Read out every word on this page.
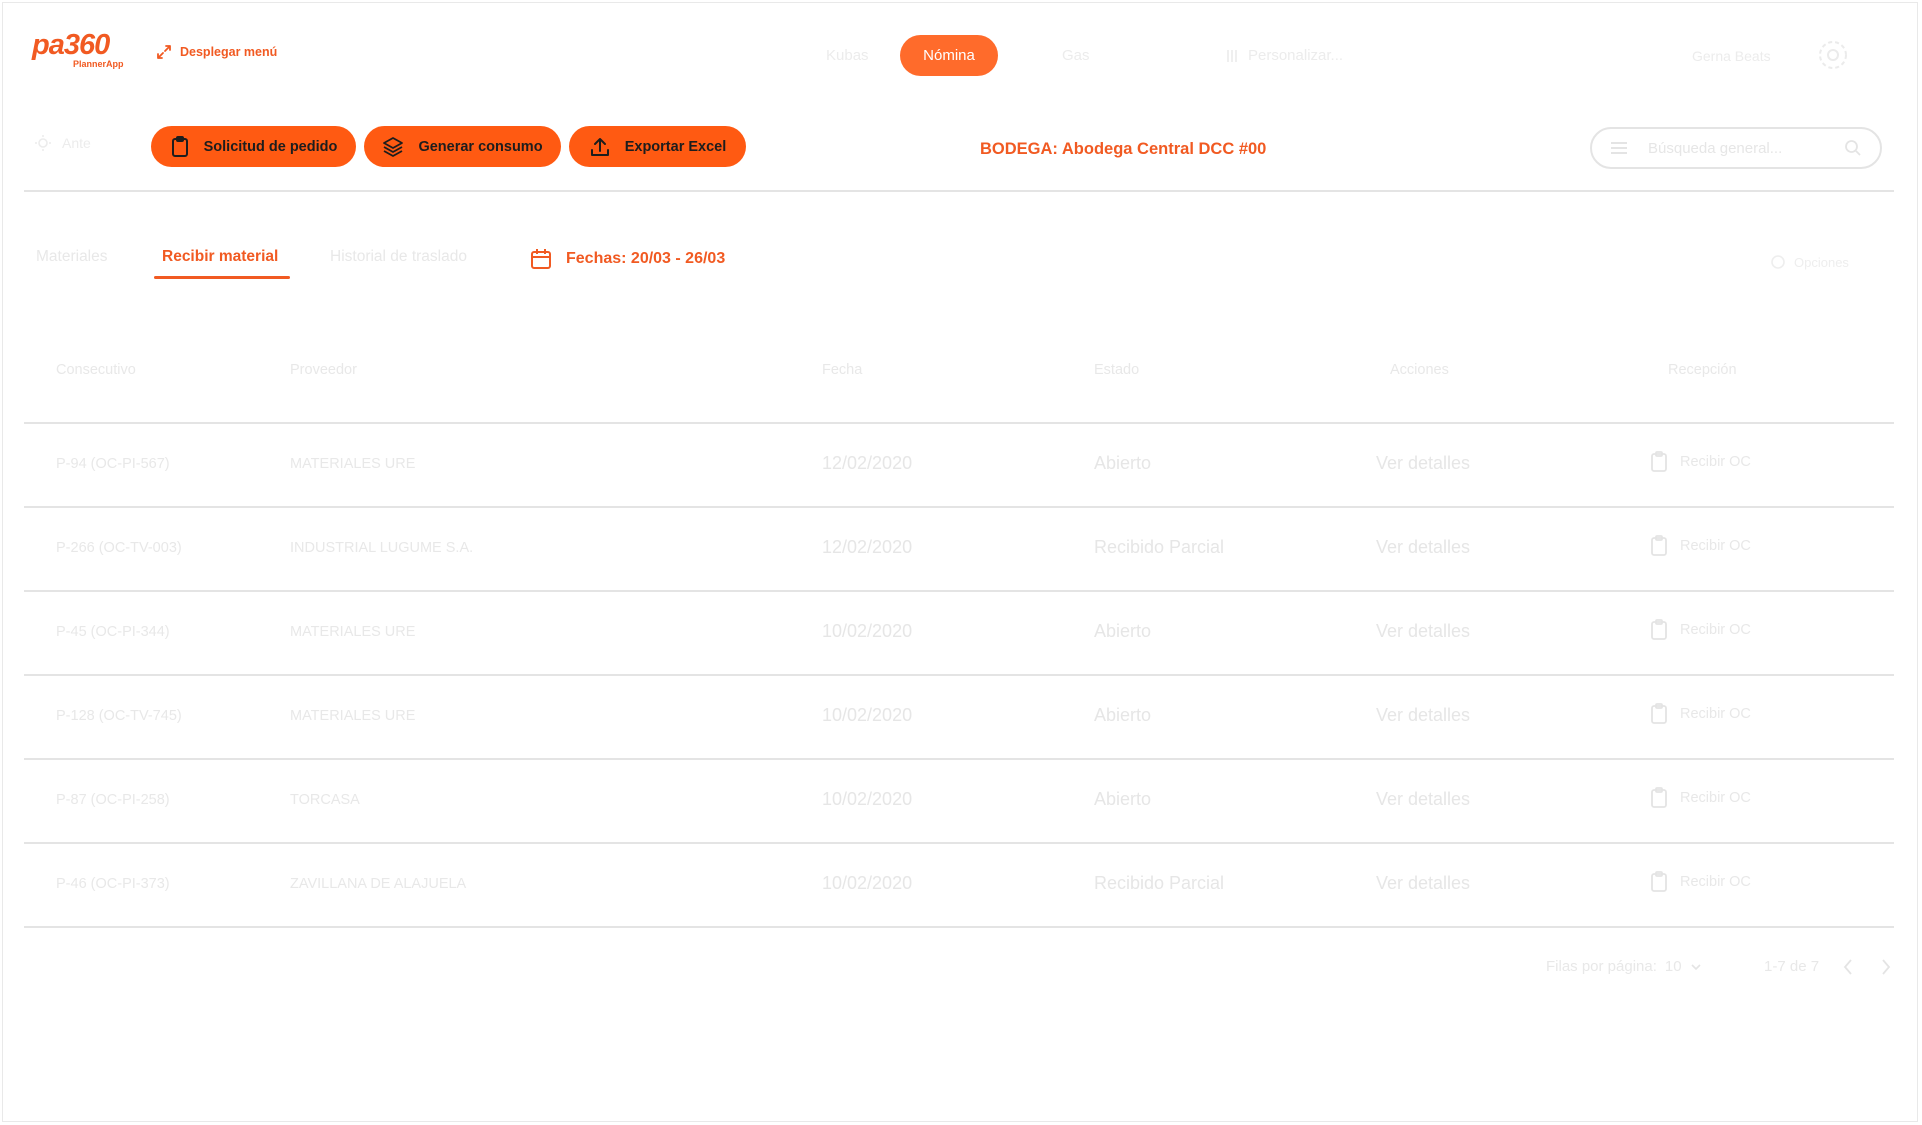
pa360
PlannerApp
Desplegar menú	Kubas	Nómina	Gas	Personalizar...	Gerna Beats
Ante	Solicitud de pedido	Generar consumo	Exportar Excel	BODEGA: Abodega Central DCC #00	Búsqueda general...
Materiales	Recibir material	Historial de traslado	Fechas: 20/03 - 26/03	Opciones
Consecutivo	Proveedor	Fecha	Estado	Acciones	Recepción
P-94 (OC-PI-567)	MATERIALES URE	12/02/2020	Abierto	Ver detalles	Recibir OC
P-266 (OC-TV-003)	INDUSTRIAL LUGUME S.A.	12/02/2020	Recibido Parcial	Ver detalles	Recibir OC
P-45 (OC-PI-344)	MATERIALES URE	10/02/2020	Abierto	Ver detalles	Recibir OC
P-128 (OC-TV-745)	MATERIALES URE	10/02/2020	Abierto	Ver detalles	Recibir OC
P-87 (OC-PI-258)	TORCASA	10/02/2020	Abierto	Ver detalles	Recibir OC
P-46 (OC-PI-373)	ZAVILLANA DE ALAJUELA	10/02/2020	Recibido Parcial	Ver detalles	Recibir OC
Filas por página: 10	1-7 de 7
